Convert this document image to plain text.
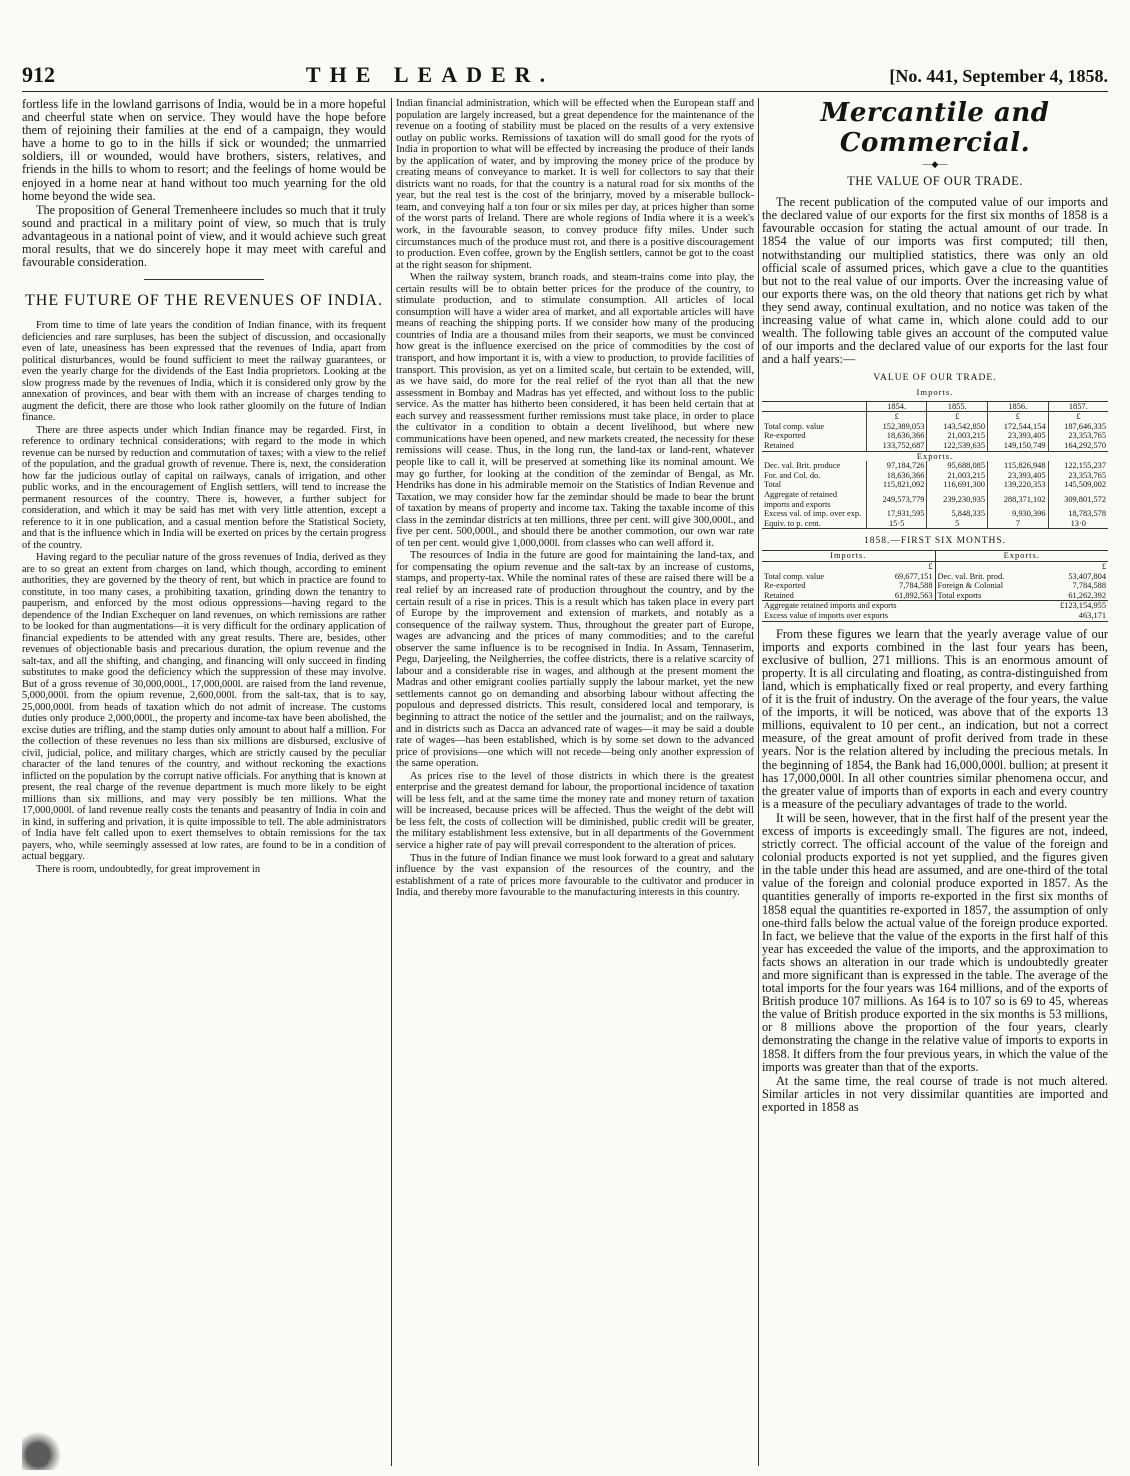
912	THE LEADER.	[No. 441, September 4, 1858.

fortless life in the lowland garrisons of India, would be in a more hopeful and cheerful state when on service. They would have the hope before them of rejoining their families at the end of a campaign, they would have a home to go to in the hills if sick or wounded; the unmarried soldiers, ill or wounded, would have brothers, sisters, relatives, and friends in the hills to whom to resort; and the feelings of home would be enjoyed in a home near at hand without too much yearning for the old home beyond the wide sea.

The proposition of General Tremenheere includes so much that it truly sound and practical in a military point of view, so much that is truly advantageous in a national point of view, and it would achieve such great moral results, that we do sincerely hope it may meet with careful and favourable consideration.

THE FUTURE OF THE REVENUES OF INDIA.

From time to time of late years the condition of Indian finance, with its frequent deficiencies and rare surpluses, has been the subject of discussion, and occasionally even of late, uneasiness has been expressed that the revenues of India, apart from political disturbances, would be found sufficient to meet the railway guarantees, or even the yearly charge for the dividends of the East India proprietors. Looking at the slow progress made by the revenues of India, which it is considered only grow by the annexation of provinces, and bear with them with an increase of charges tending to augment the deficit, there are those who look rather gloomily on the future of Indian finance.

There are three aspects under which Indian finance may be regarded. First, in reference to ordinary technical considerations; with regard to the mode in which revenue can be nursed by reduction and commutation of taxes; with a view to the relief of the population, and the gradual growth of revenue. There is, next, the consideration how far the judicious outlay of capital on railways, canals of irrigation, and other public works, and in the encouragement of English settlers, will tend to increase the permanent resources of the country. There is, however, a further subject for consideration, and which it may be said has met with very little attention, except a reference to it in one publication, and a casual mention before the Statistical Society, and that is the influence which in India will be exerted on prices by the certain progress of the country.

Having regard to the peculiar nature of the gross revenues of India, derived as they are to so great an extent from charges on land, which though, according to eminent authorities, they are governed by the theory of rent, but which in practice are found to constitute, in too many cases, a prohibiting taxation, grinding down the tenantry to pauperism, and enforced by the most odious oppressions—having regard to the dependence of the Indian Exchequer on land revenues, on which remissions are rather to be looked for than augmentations—it is very difficult for the ordinary application of financial expedients to be attended with any great results. There are, besides, other revenues of objectionable basis and precarious duration, the opium revenue and the salt-tax, and all the shifting, and changing, and financing will only succeed in finding substitutes to make good the deficiency which the suppression of these may involve. But of a gross revenue of 30,000,000l., 17,000,000l. are raised from the land revenue, 5,000,000l. from the opium revenue, 2,600,000l. from the salt-tax, that is to say, 25,000,000l. from heads of taxation which do not admit of increase. The customs duties only produce 2,000,000l., the property and income-tax have been abolished, the excise duties are trifling, and the stamp duties only amount to about half a million. For the collection of these revenues no less than six millions are disbursed, exclusive of civil, judicial, police, and military charges, which are strictly caused by the peculiar character of the land tenures of the country, and without reckoning the exactions inflicted on the population by the corrupt native officials. For anything that is known at present, the real charge of the revenue department is much more likely to be eight millions than six millions, and may very possibly be ten millions. What the 17,000,000l. of land revenue really costs the tenants and peasantry of India in coin and in kind, in suffering and privation, it is quite impossible to tell. The able administrators of India have felt called upon to exert themselves to obtain remissions for the tax payers, who, while seemingly assessed at low rates, are found to be in a condition of actual beggary.

There is room, undoubtedly, for great improvement in

Indian financial administration, which will be effected when the European staff and population are largely increased, but a great dependence for the maintenance of the revenue on a footing of stability must be placed on the results of a very extensive outlay on public works. Remissions of taxation will do small good for the ryots of India in proportion to what will be effected by increasing the produce of their lands by the application of water, and by improving the money price of the produce by creating means of conveyance to market. It is well for collectors to say that their districts want no roads, for that the country is a natural road for six months of the year, but the real test is the cost of the brinjarry, moved by a miserable bullock-team, and conveying half a ton four or six miles per day, at prices higher than some of the worst parts of Ireland. There are whole regions of India where it is a week's work, in the favourable season, to convey produce fifty miles. Under such circumstances much of the produce must rot, and there is a positive discouragement to production. Even coffee, grown by the English settlers, cannot be got to the coast at the right season for shipment.

When the railway system, branch roads, and steam-trains come into play, the certain results will be to obtain better prices for the produce of the country, to stimulate production, and to stimulate consumption. All articles of local consumption will have a wider area of market, and all exportable articles will have means of reaching the shipping ports. If we consider how many of the producing countries of India are a thousand miles from their seaports, we must be convinced how great is the influence exercised on the price of commodities by the cost of transport, and how important it is, with a view to production, to provide facilities of transport. This provision, as yet on a limited scale, but certain to be extended, will, as we have said, do more for the real relief of the ryot than all that the new assessment in Bombay and Madras has yet effected, and without loss to the public service. As the matter has hitherto been considered, it has been held certain that at each survey and reassessment further remissions must take place, in order to place the cultivator in a condition to obtain a decent livelihood, but where new communications have been opened, and new markets created, the necessity for these remissions will cease. Thus, in the long run, the land-tax or land-rent, whatever people like to call it, will be preserved at something like its nominal amount. We may go further, for looking at the condition of the zemindar of Bengal, as Mr. Hendriks has done in his admirable memoir on the Statistics of Indian Revenue and Taxation, we may consider how far the zemindar should be made to bear the brunt of taxation by means of property and income tax. Taking the taxable income of this class in the zemindar districts at ten millions, three per cent. will give 300,000l., and five per cent. 500,000l., and should there be another commotion, our own war rate of ten per cent. would give 1,000,000l. from classes who can well afford it.

The resources of India in the future are good for maintaining the land-tax, and for compensating the opium revenue and the salt-tax by an increase of customs, stamps, and property-tax. While the nominal rates of these are raised there will be a real relief by an increased rate of production throughout the country, and by the certain result of a rise in prices. This is a result which has taken place in every part of Europe by the improvement and extension of markets, and notably as a consequence of the railway system. Thus, throughout the greater part of Europe, wages are advancing and the prices of many commodities; and to the careful observer the same influence is to be recognised in India. In Assam, Tennaserim, Pegu, Darjeeling, the Neilgherries, the coffee districts, there is a relative scarcity of labour and a considerable rise in wages, and although at the present moment the Madras and other emigrant coolies partially supply the labour market, yet the new settlements cannot go on demanding and absorbing labour without affecting the populous and depressed districts. This result, considered local and temporary, is beginning to attract the notice of the settler and the journalist; and on the railways, and in districts such as Dacca an advanced rate of wages—it may be said a double rate of wages—has been established, which is by some set down to the advanced price of provisions—one which will not recede—being only another expression of the same operation.

As prices rise to the level of those districts in which there is the greatest enterprise and the greatest demand for labour, the proportional incidence of taxation will be less felt, and at the same time the money rate and money return of taxation will be increased, because prices will be affected. Thus the weight of the debt will be less felt, the costs of collection will be diminished, public credit will be greater, the military establishment less extensive, but in all departments of the Government service a higher rate of pay will prevail correspondent to the alteration of prices.

Thus in the future of Indian finance we must look forward to a great and salutary influence by the vast expansion of the resources of the country, and the establishment of a rate of prices more favourable to the cultivator and producer in India, and thereby more favourable to the manufacturing interests in this country.

Mercantile and Commercial.
—◆—
THE VALUE OF OUR TRADE.

The recent publication of the computed value of our imports and the declared value of our exports for the first six months of 1858 is a favourable occasion for stating the actual amount of our trade. In 1854 the value of our imports was first computed; till then, notwithstanding our multiplied statistics, there was only an old official scale of assumed prices, which gave a clue to the quantities but not to the real value of our imports. Over the increasing value of our exports there was, on the old theory that nations get rich by what they send away, continual exultation, and no notice was taken of the increasing value of what came in, which alone could add to our wealth. The following table gives an account of the computed value of our imports and the declared value of our exports for the last four and a half years:—

VALUE OF OUR TRADE.
Imports.
	1854.	1855.	1856.	1857.
	£	£	£	£
Total comp. value	152,389,053	143,542,850	172,544,154	187,646,335
Re-exported	18,636,366	21,003,215	23,393,405	23,353,765
Retained	133,752,687	122,539,635	149,150,749	164,292,570
Exports.				
Dec. val. Brit. produce	97,184,726	95,688,085	115,826,948	122,155,237
For. and Col. do.	18,636,366	21,003,215	23,393,405	23,353,765
Total	115,821,092	116,691,300	139,220,353	145,509,002
Aggregate of retained imports and exports	249,573,779	239,230,935	288,371,102	309,801,572
Excess val. of imp. over exp.	17,931,595	5,848,335	9,930,396	18,783,578
Equiv. to p. cent.	15·5	5	7	13·0
1858.—FIRST SIX MONTHS.
Imports.	Exports.
£	£
Total comp. value	69,677,151 Dec. val. Brit. prod.	53,407,804
Re-exported	7,784,588 Foreign & Colonial	7,784,588
Retained	61,892,563 Total exports	61,262,392
Aggregate retained imports and exports	£123,154,955
Excess value of imports over exports	463,171

From these figures we learn that the yearly average value of our imports and exports combined in the last four years has been, exclusive of bullion, 271 millions. This is an enormous amount of property. It is all circulating and floating, as contra-distinguished from land, which is emphatically fixed or real property, and every farthing of it is the fruit of industry. On the average of the four years, the value of the imports, it will be noticed, was above that of the exports 13 millions, equivalent to 10 per cent., an indication, but not a correct measure, of the great amount of profit derived from trade in these years. Nor is the relation altered by including the precious metals. In the beginning of 1854, the Bank had 16,000,000l. bullion; at present it has 17,000,000l. In all other countries similar phenomena occur, and the greater value of imports than of exports in each and every country is a measure of the peculiary advantages of trade to the world.

It will be seen, however, that in the first half of the present year the excess of imports is exceedingly small. The figures are not, indeed, strictly correct. The official account of the value of the foreign and colonial products exported is not yet supplied, and the figures given in the table under this head are assumed, and are one-third of the total value of the foreign and colonial produce exported in 1857. As the quantities generally of imports re-exported in the first six months of 1858 equal the quantities re-exported in 1857, the assumption of only one-third falls below the actual value of the foreign produce exported. In fact, we believe that the value of the exports in the first half of this year has exceeded the value of the imports, and the approximation to facts shows an alteration in our trade which is undoubtedly greater and more significant than is expressed in the table. The average of the total imports for the four years was 164 millions, and of the exports of British produce 107 millions. As 164 is to 107 so is 69 to 45, whereas the value of British produce exported in the six months is 53 millions, or 8 millions above the proportion of the four years, clearly demonstrating the change in the relative value of imports to exports in 1858. It differs from the four previous years, in which the value of the imports was greater than that of the exports.

At the same time, the real course of trade is not much altered. Similar articles in not very dissimilar quantities are imported and exported in 1858 as
